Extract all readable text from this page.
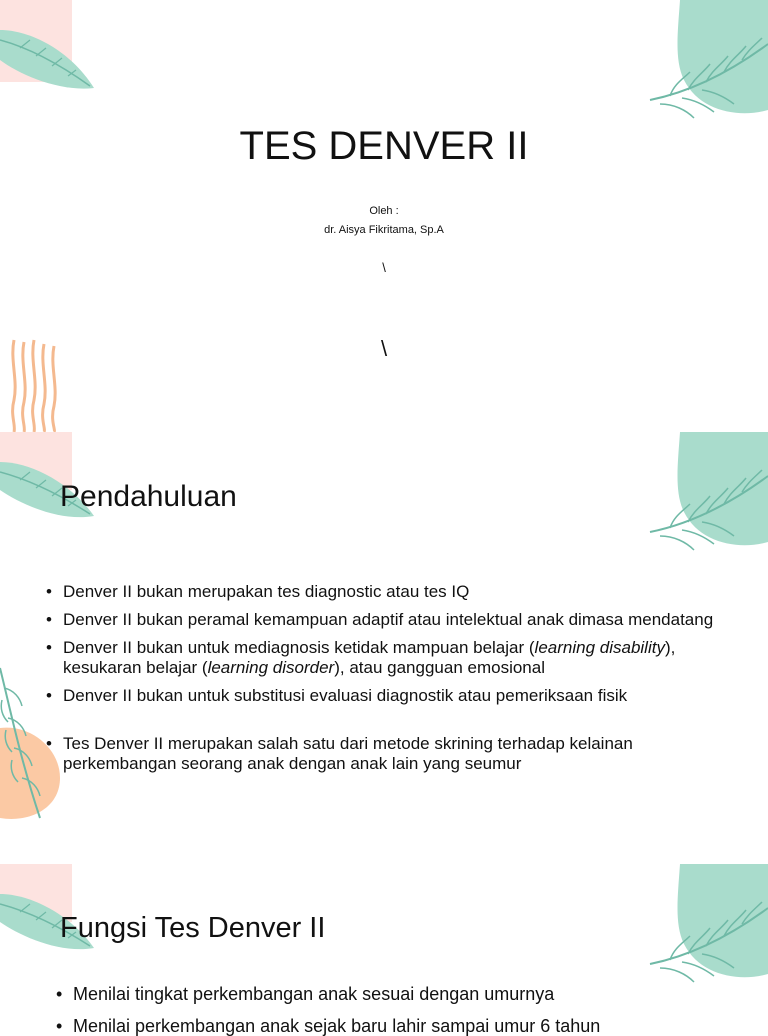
TES DENVER II
Oleh :
dr. Aisya Fikritama, Sp.A
\
\
Pendahuluan
• Denver II bukan merupakan tes diagnostic atau tes IQ
• Denver II bukan peramal kemampuan adaptif atau intelektual anak dimasa mendatang
• Denver II bukan untuk mediagnosis ketidak mampuan belajar (learning disability), kesukaran belajar (learning disorder), atau gangguan emosional
• Denver II bukan untuk substitusi evaluasi diagnostik atau pemeriksaan fisik
• Tes Denver II merupakan salah satu dari metode skrining terhadap kelainan perkembangan seorang anak dengan anak lain yang seumur
Fungsi Tes Denver II
• Menilai tingkat perkembangan anak sesuai dengan umurnya
• Menilai perkembangan anak sejak baru lahir sampai umur 6 tahun
